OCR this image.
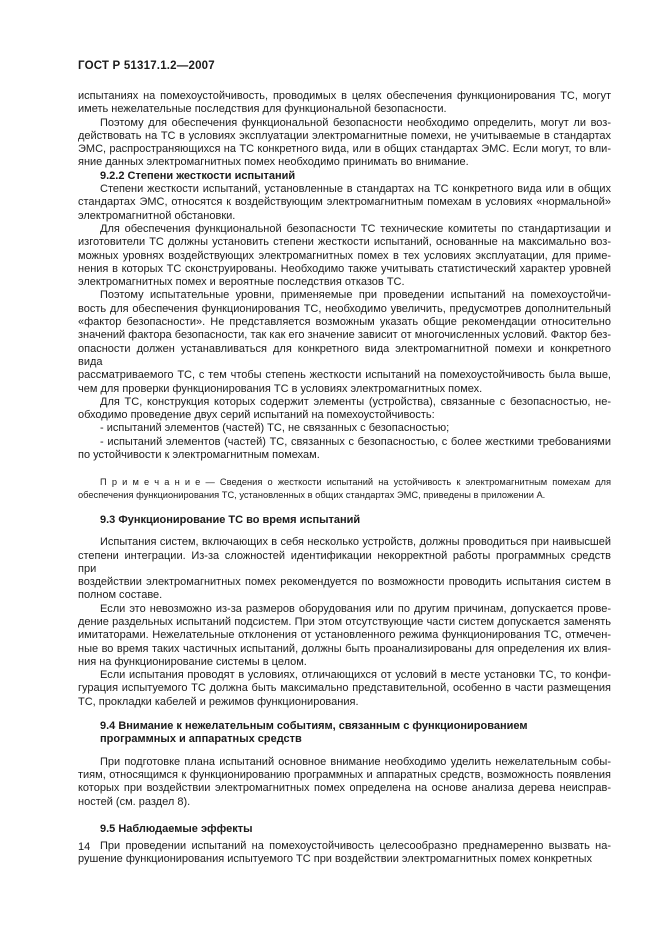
ГОСТ Р 51317.1.2—2007
испытаниях на помехоустойчивость, проводимых в целях обеспечения функционирования ТС, могут
иметь нежелательные последствия для функциональной безопасности.
Поэтому для обеспечения функциональной безопасности необходимо определить, могут ли воз-
действовать на ТС в условиях эксплуатации электромагнитные помехи, не учитываемые в стандартах
ЭМС, распространяющихся на ТС конкретного вида, или в общих стандартах ЭМС. Если могут, то вли-
яние данных электромагнитных помех необходимо принимать во внимание.
9.2.2 Степени жесткости испытаний
Степени жесткости испытаний, установленные в стандартах на ТС конкретного вида или в общих
стандартах ЭМС, относятся к воздействующим электромагнитным помехам в условиях «нормальной»
электромагнитной обстановки.
Для обеспечения функциональной безопасности ТС технические комитеты по стандартизации и
изготовители ТС должны установить степени жесткости испытаний, основанные на максимально воз-
можных уровнях воздействующих электромагнитных помех в тех условиях эксплуатации, для приме-
нения в которых ТС сконструированы. Необходимо также учитывать статистический характер уровней
электромагнитных помех и вероятные последствия отказов ТС.
Поэтому испытательные уровни, применяемые при проведении испытаний на помехоустойчи-
вость для обеспечения функционирования ТС, необходимо увеличить, предусмотрев дополнительный
«фактор безопасности». Не представляется возможным указать общие рекомендации относительно
значений фактора безопасности, так как его значение зависит от многочисленных условий. Фактор без-
опасности должен устанавливаться для конкретного вида электромагнитной помехи и конкретного вида
рассматриваемого ТС, с тем чтобы степень жесткости испытаний на помехоустойчивость была выше,
чем для проверки функционирования ТС в условиях электромагнитных помех.
Для ТС, конструкция которых содержит элементы (устройства), связанные с безопасностью, не-
обходимо проведение двух серий испытаний на помехоустойчивость:
- испытаний элементов (частей) ТС, не связанных с безопасностью;
- испытаний элементов (частей) ТС, связанных с безопасностью, с более жесткими требованиями
по устойчивости к электромагнитным помехам.
П р и м е ч а н и е — Сведения о жесткости испытаний на устойчивость к электромагнитным помехам для
обеспечения функционирования ТС, установленных в общих стандартах ЭМС, приведены в приложении А.
9.3 Функционирование ТС во время испытаний
Испытания систем, включающих в себя несколько устройств, должны проводиться при наивысшей
степени интеграции. Из-за сложностей идентификации некорректной работы программных средств при
воздействии электромагнитных помех рекомендуется по возможности проводить испытания систем в
полном составе.
Если это невозможно из-за размеров оборудования или по другим причинам, допускается прове-
дение раздельных испытаний подсистем. При этом отсутствующие части систем допускается заменять
имитаторами. Нежелательные отклонения от установленного режима функционирования ТС, отмечен-
ные во время таких частичных испытаний, должны быть проанализированы для определения их влия-
ния на функционирование системы в целом.
Если испытания проводят в условиях, отличающихся от условий в месте установки ТС, то конфи-
гурация испытуемого ТС должна быть максимально представительной, особенно в части размещения
ТС, прокладки кабелей и режимов функционирования.
9.4 Внимание к нежелательным событиям, связанным с функционированием
программных и аппаратных средств
При подготовке плана испытаний основное внимание необходимо уделить нежелательным собы-
тиям, относящимся к функционированию программных и аппаратных средств, возможность появления
которых при воздействии электромагнитных помех определена на основе анализа дерева неисправ-
ностей (см. раздел 8).
9.5 Наблюдаемые эффекты
При проведении испытаний на помехоустойчивость целесообразно преднамеренно вызвать на-
рушение функционирования испытуемого ТС при воздействии электромагнитных помех конкретных
14
